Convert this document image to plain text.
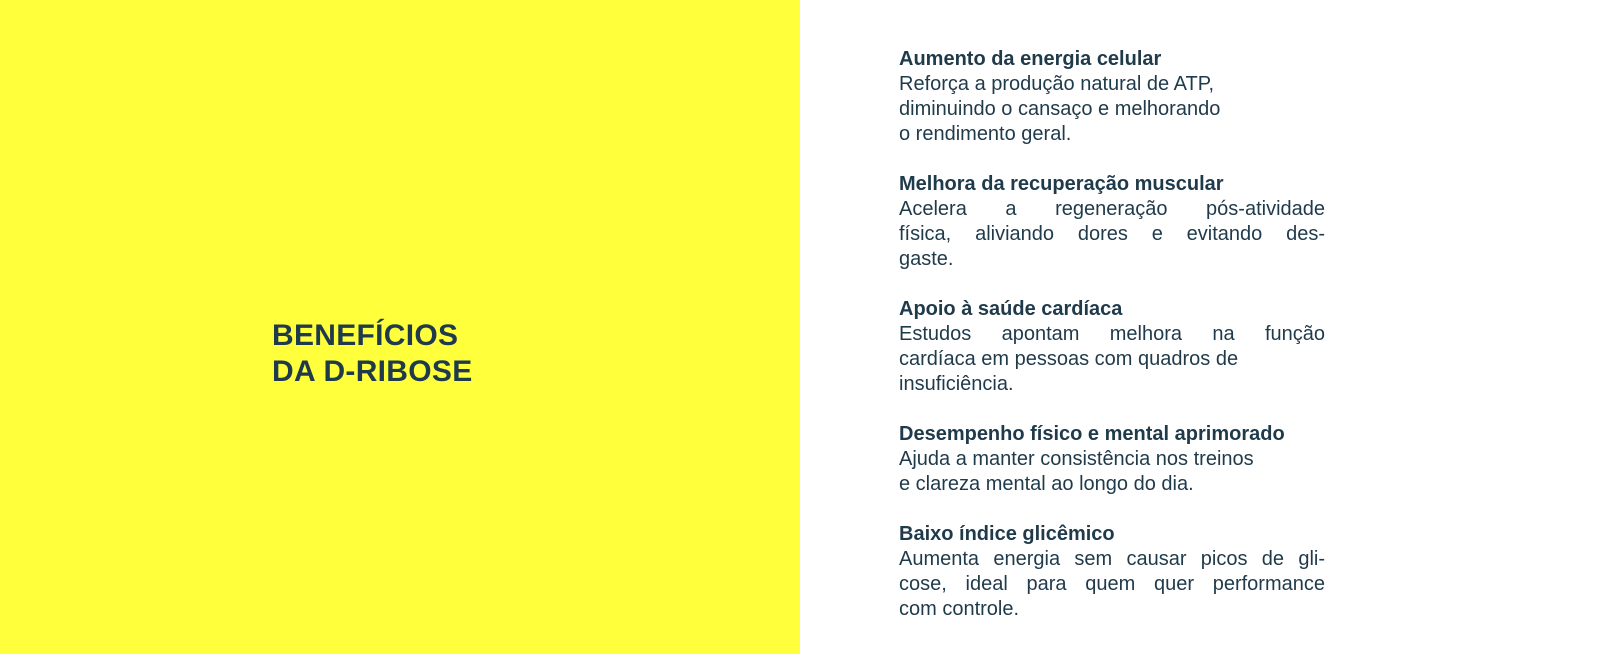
BENEFÍCIOS
DA D-RIBOSE
Aumento da energia celular
Reforça a produção natural de ATP,
diminuindo o cansaço e melhorando
o rendimento geral.
Melhora da recuperação muscular
Acelera a regeneração pós-atividade
física, aliviando dores e evitando des-
gaste.
Apoio à saúde cardíaca
Estudos apontam melhora na função
cardíaca em pessoas com quadros de
insuficiência.
Desempenho físico e mental aprimorado
Ajuda a manter consistência nos treinos
e clareza mental ao longo do dia.
Baixo índice glicêmico
Aumenta energia sem causar picos de gli-
cose, ideal para quem quer performance
com controle.
